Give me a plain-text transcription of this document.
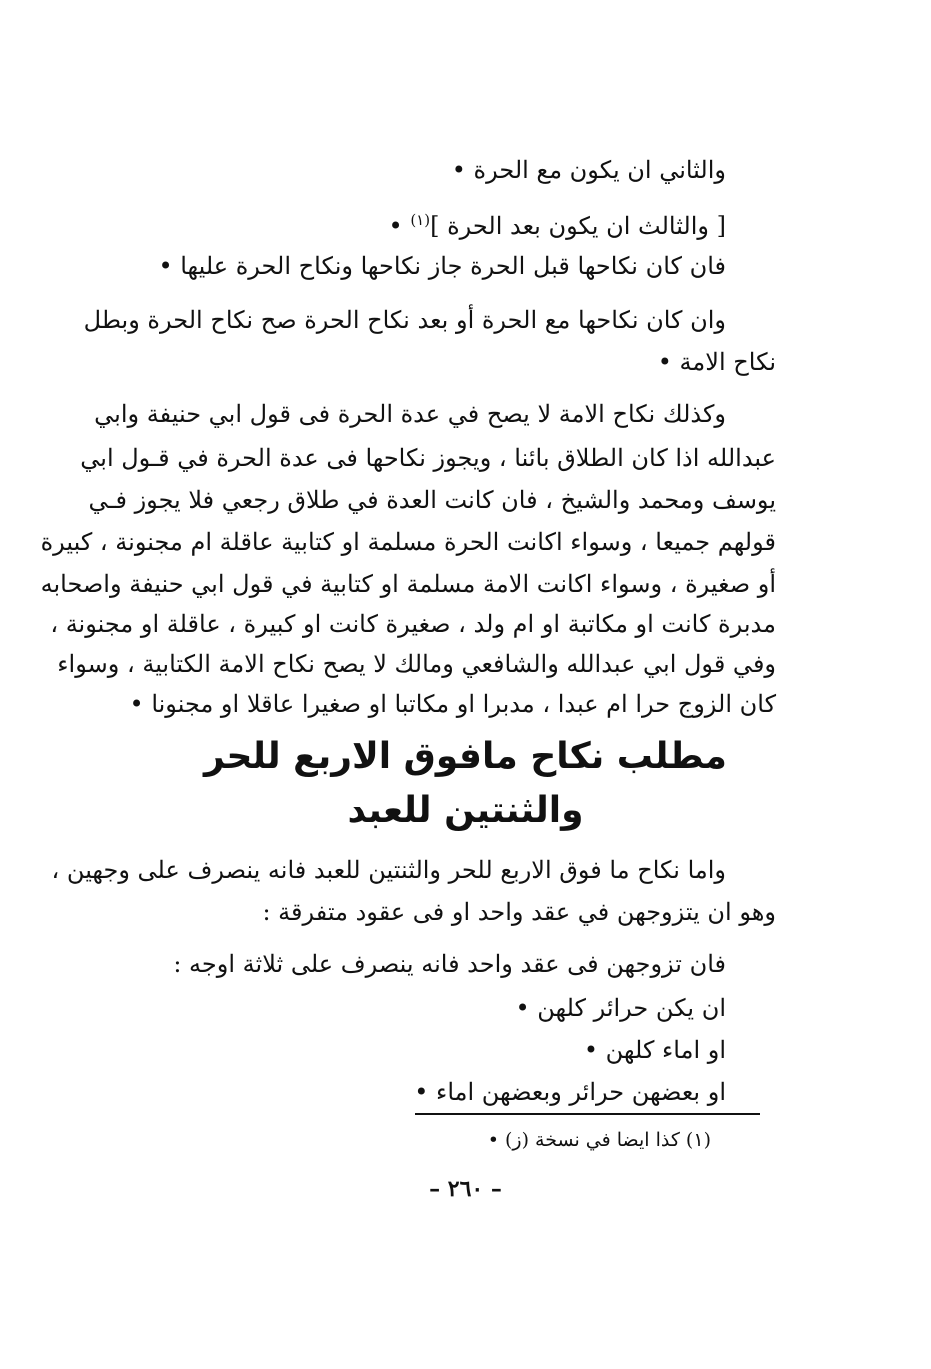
والثاني ان يكون مع الحرة •
[ والثالث ان يكون بعد الحرة ]$^{(١)}$ •
فان كان نكاحها قبل الحرة جاز نكاحها ونكاح الحرة عليها •
وان كان نكاحها مع الحرة أو بعد نكاح الحرة صح نكاح الحرة وبطل
نكاح الامة •
وكذلك نكاح الامة لا يصح في عدة الحرة فى قول ابي حنيفة وابي
عبدالله اذا كان الطلاق بائنا ، ويجوز نكاحها فى عدة الحرة في قـول ابي
يوسف ومحمد والشيخ ، فان كانت العدة في طلاق رجعي فلا يجوز فـي
قولهم جميعا ، وسواء اكانت الحرة مسلمة او كتابية عاقلة ام مجنونة ، كبيرة
أو صغيرة ، وسواء اكانت الامة مسلمة او كتابية في قول ابي حنيفة واصحابه
مدبرة كانت او مكاتبة او ام ولد ، صغيرة كانت او كبيرة ، عاقلة او مجنونة ،
وفي قول ابي عبدالله والشافعي ومالك لا يصح نكاح الامة الكتابية ، وسواء
كان الزوج حرا ام عبدا ، مدبرا او مكاتبا او صغيرا عاقلا او مجنونا •
مطلب نكاح مافوق الاربع للحر
والثنتين للعبد
واما نكاح ما فوق الاربع للحر والثنتين للعبد فانه ينصرف على وجهين ،
وهو ان يتزوجهن في عقد واحد او فى عقود متفرقة :
فان تزوجهن فى عقد واحد فانه ينصرف على ثلاثة اوجه :
ان يكن حرائر كلهن •
او اماء كلهن •
او بعضهن حرائر وبعضهن اماء •
(١) كذا ايضا في نسخة (ز) •
– ٢٦٠ –
